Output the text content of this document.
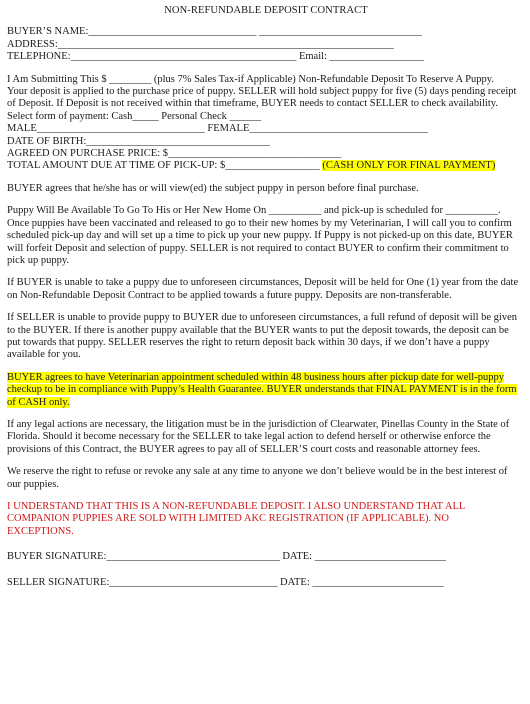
NON-REFUNDABLE DEPOSIT CONTRACT
BUYER’S NAME:________________________________ _______________________________
ADDRESS:________________________________________________________________
TELEPHONE:___________________________________________ Email: __________________
I Am Submitting This $ ________ (plus 7% Sales Tax-if Applicable) Non-Refundable Deposit To Reserve A Puppy.
Your deposit is applied to the purchase price of puppy. SELLER will hold subject puppy for five (5) days pending receipt
of Deposit. If Deposit is not received within that timeframe, BUYER needs to contact SELLER to check availability.
Select form of payment: Cash_____ Personal Check ______
MALE________________________________ FEMALE__________________________________
DATE OF BIRTH:___________________________________
AGREED ON PURCHASE PRICE: $_________________________________
TOTAL AMOUNT DUE AT TIME OF PICK-UP: $__________________ (CASH ONLY FOR FINAL PAYMENT)
BUYER agrees that he/she has or will view(ed) the subject puppy in person before final purchase.
Puppy Will Be Available To Go To His or Her New Home On __________ and pick-up is scheduled for __________.
Once puppies have been vaccinated and released to go to their new homes by my Veterinarian, I will call you to confirm
scheduled pick-up day and will set up a time to pick up your new puppy. If Puppy is not picked-up on this date, BUYER
will forfeit Deposit and selection of puppy. SELLER is not required to contact BUYER to confirm their commitment to
pick up puppy.
If BUYER is unable to take a puppy due to unforeseen circumstances, Deposit will be held for One (1) year from the date
on Non-Refundable Deposit Contract to be applied towards a future puppy. Deposits are non-transferable.
If SELLER is unable to provide puppy to BUYER due to unforeseen circumstances, a full refund of deposit will be given
to the BUYER. If there is another puppy available that the BUYER wants to put the deposit towards, the deposit can be
put towards that puppy. SELLER reserves the right to return deposit back within 30 days, if we don’t have a puppy
available for you.
BUYER agrees to have Veterinarian appointment scheduled within 48 business hours after pickup date for well-puppy
checkup to be in compliance with Puppy’s Health Guarantee. BUYER understands that FINAL PAYMENT is in the form
of CASH only.
If any legal actions are necessary, the litigation must be in the jurisdiction of Clearwater, Pinellas County in the State of
Florida. Should it become necessary for the SELLER to take legal action to defend herself or otherwise enforce the
provisions of this Contract, the BUYER agrees to pay all of SELLER’S court costs and reasonable attorney fees.
We reserve the right to refuse or revoke any sale at any time to anyone we don’t believe would be in the best interest of
our puppies.
I UNDERSTAND THAT THIS IS A NON-REFUNDABLE DEPOSIT. I ALSO UNDERSTAND THAT ALL
COMPANION PUPPIES ARE SOLD WITH LIMITED AKC REGISTRATION (IF APPLICABLE). NO
EXCEPTIONS.
BUYER SIGNATURE:_________________________________ DATE: _________________________
SELLER SIGNATURE:________________________________ DATE: _________________________
